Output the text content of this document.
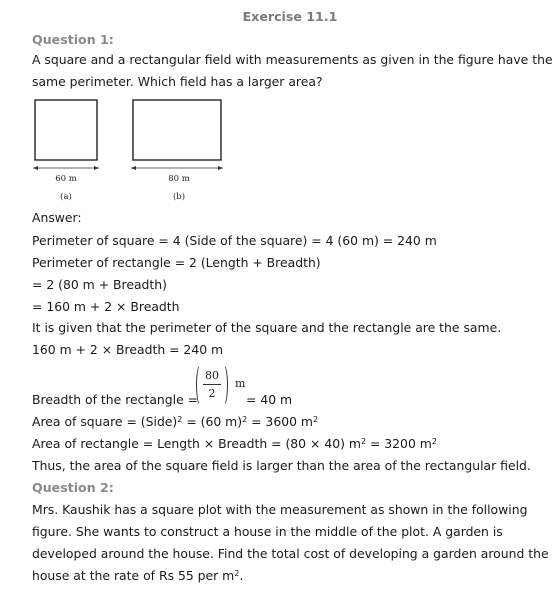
Exercise 11.1
Question 1:
A square and a rectangular field with measurements as given in the figure have the
same perimeter. Which field has a larger area?
60 m
(a)
80 m
(b)
Answer:
Perimeter of square = 4 (Side of the square) = 4 (60 m) = 240 m
Perimeter of rectangle = 2 (Length + Breadth)
= 2 (80 m + Breadth)
= 160 m + 2 × Breadth
It is given that the perimeter of the square and the rectangle are the same.
160 m + 2 × Breadth = 240 m
Breadth of the rectangle =
80
2
m
= 40 m
Area of square = (Side)$^2$ = (60 m)$^2$ = 3600 $m^2$
Area of rectangle = Length × Breadth = (80 × 40) $m^2 = 3200$ $m^2$
Thus, the area of the square field is larger than the area of the rectangular field.
Question 2:
Mrs. Kaushik has a square plot with the measurement as shown in the following
figure. She wants to construct a house in the middle of the plot. A garden is
developed around the house. Find the total cost of developing a garden around the
house at the rate of Rs 55 per $m^2$.
